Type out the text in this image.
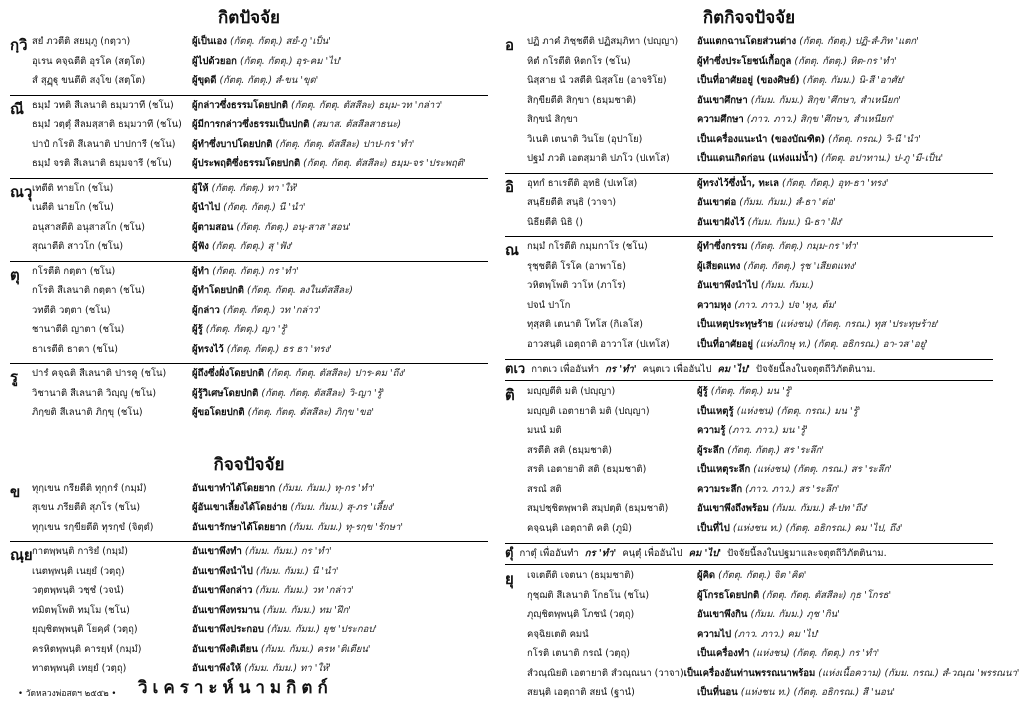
กิตปัจจัย
กฺวิ สยํ ภวตีติ สยมฺภู (กตฺวา)	ผู้เป็นเอง (กัตตุ. กัตตุ.) สยํ-ภู 'เป็น'
อุเรน คจฺฉตีติ อุรโค (สตฺโต)	ผู้ไปด้วยอก (กัตตุ. กัตตุ.) อุร-คม 'ไป'
สํ สุฏฺฐุ ขนตีติ สงฺโข (สตฺโต)	ผู้ขุดดี (กัตตุ. กัตตุ.) สํ-ขน 'ขุด'
ณี ธมฺมํ วทติ สีเลนาติ ธมฺมวาที (ชโน)	ผู้กล่าวซึ่งธรรมโดยปกติ (กัตตุ. กัตตุ. ตัสสีละ) ธมฺม-วท 'กล่าว'
ธมฺมํ วตฺตุํ สีลมสฺสาติ ธมฺมวาที (ชโน)	ผู้มีการกล่าวซึ่งธรรมเป็นปกติ (สมาส. ตัสสีลสาธนะ)
ปาปํ กโรติ สีเลนาติ ปาปการี (ชโน)	ผู้ทำซึ่งบาปโดยปกติ (กัตตุ. กัตตุ. ตัสสีละ) ปาป-กร 'ทำ'
ธมฺมํ จรติ สีเลนาติ ธมฺมจารี (ชโน)	ผู้ประพฤติซึ่งธรรมโดยปกติ (กัตตุ. กัตตุ. ตัสสีละ) ธมฺม-จร 'ประพฤติ'
ณวุ เทตีติ ทายโก (ชโน)	ผู้ให้ (กัตตุ. กัตตุ.) ทา 'ให้'
เนตีติ นายโก (ชโน)	ผู้นำไป (กัตตุ. กัตตุ.) นี 'นำ'
อนุสาสตีติ อนุสาสโก (ชโน)	ผู้ตามสอน (กัตตุ. กัตตุ.) อนุ-สาส 'สอน'
สุณาตีติ สาวโก (ชโน)	ผู้ฟัง (กัตตุ. กัตตุ.) สุ 'ฟัง'
ตุ	กโรตีติ กตฺตา (ชโน)	ผู้ทำ (กัตตุ. กัตตุ.) กร 'ทำ'
กโรติ สีเลนาติ กตฺตา (ชโน)	ผู้ทำโดยปกติ (กัตตุ. กัตตุ. ลงในตัสสีละ)
วทตีติ วตฺตา (ชโน)	ผู้กล่าว (กัตตุ. กัตตุ.) วท 'กล่าว'
ชานาตีติ ญาตา (ชโน)	ผู้รู้ (กัตตุ. กัตตุ.) ญา 'รู้'
ธาเรตีติ ธาตา (ชโน)	ผู้ทรงไว้ (กัตตุ. กัตตุ.) ธร ธา 'ทรง'
รู	ปารํ คจฺฉติ สีเลนาติ ปารคู (ชโน)	ผู้ถึงซึ่งฝั่งโดยปกติ (กัตตุ. กัตตุ. ตัสสีละ) ปาร-คม 'ถึง'
วิชานาติ สีเลนาติ วิญฺญู (ชโน)	ผู้รู้วิเศษโดยปกติ (กัตตุ. กัตตุ. ตัสสีละ) วิ-ญา 'รู้'
ภิกฺขติ สีเลนาติ ภิกฺขุ (ชโน)	ผู้ขอโดยปกติ (กัตตุ. กัตตุ. ตัสสีละ) ภิกฺข 'ขอ'
กิจจปัจจัย
ข	ทุกฺเขน กรียตีติ ทุกฺกรํ (กมฺมํ)	อันเขาทำได้โดยยาก (กัมม. กัมม.) ทุ-กร 'ทำ'
สุเขน ภรียตีติ สุภโร (ชโน)	ผู้อันเขาเลี้ยงได้โดยง่าย (กัมม. กัมม.) สุ-ภร 'เลี้ยง'
ทุกฺเขน รกฺขียตีติ ทุรกฺขํ (จิตฺตํ)	อันเขารักษาได้โดยยาก (กัมม. กัมม.) ทุ-รกฺข 'รักษา'
ณฺย กาตพฺพนฺติ การิยํ (กมฺมํ)	อันเขาพึงทำ (กัมม. กัมม.) กร 'ทำ'
เนตพฺพนฺติ เนยฺยํ (วตฺถุ)	อันเขาพึงนำไป (กัมม. กัมม.) นี 'นำ'
วตฺตพฺพนฺติ วชฺชํ (วจนํ)	อันเขาพึงกล่าว (กัมม. กัมม.) วท 'กล่าว'
ทมิตพฺโพติ ทมฺโม (ชโน)	อันเขาพึงทรมาน (กัมม. กัมม.) ทม 'ฝึก'
ยุญฺชิตพฺพนฺติ โยคฺคํ (วตฺถุ)	อันเขาพึงประกอบ (กัมม. กัมม.) ยุช 'ประกอบ'
ครหิตพฺพนฺติ คารยฺหํ (กมฺมํ)	อันเขาพึงติเตียน (กัมม. กัมม.) ครห 'ติเตียน'
ทาตพฺพนฺติ เทยฺยํ (วตฺถุ)	อันเขาพึงให้ (กัมม. กัมม.) ทา 'ให้'
กิตกิจจปัจจัย
อ	ปฏิ ภาคํ ภิชฺชตีติ ปฏิสมฺภิทา (ปญฺญา)	อันแตกฉานโดยส่วนต่าง (กัตตุ. กัตตุ.) ปฏิ-สํ-ภิท 'แตก'
หิตํ กโรตีติ หิตกโร (ชโน)	ผู้ทำซึ่งประโยชน์เกื้อกูล (กัตตุ. กัตตุ.) หิต-กร 'ทำ'
นิสฺสาย นํ วสตีติ นิสฺสโย (อาจริโย)	เป็นที่อาศัยอยู่ (ของศิษย์) (กัตตุ. กัมม.) นิ-สี 'อาศัย'
สิกฺขียตีติ สิกฺขา (ธมฺมชาติ)	อันเขาศึกษา (กัมม. กัมม.) สิกฺข 'ศึกษา, สำเหนียก'
สิกฺขนํ สิกฺขา	ความศึกษา (ภาว. ภาว.) สิกฺข 'ศึกษา, สำเหนียก'
วิเนติ เตนาติ วินโย (อุปาโย)	เป็นเครื่องแนะนำ (ของบัณฑิต) (กัตตุ. กรณ.) วิ-นี 'นำ'
ปฐมํ ภวติ เอตสฺมาติ ปภโว (ปเทโส)	เป็นแดนเกิดก่อน (แห่งแม่น้ำ) (กัตตุ. อปาทาน.) ป-ภู 'มี-เป็น'
อิ	อุทกํ ธาเรตีติ อุทธิ (ปเทโส)	ผู้ทรงไว้ซึ่งน้ำ, ทะเล (กัตตุ. กัตตุ.) อุท-ธา 'ทรง'
สนฺธียตีติ สนฺธิ (วาจา)	อันเขาต่อ (กัมม. กัมม.) สํ-ธา 'ต่อ'
นิธียตีติ นิธิ ()	อันเขาฝังไว้ (กัมม. กัมม.) นิ-ธา 'ฝัง'
ณ กมฺมํ กโรตีติ กมฺมกาโร (ชโน)	ผู้ทำซึ่งกรรม (กัตตุ. กัตตุ.) กมฺม-กร 'ทำ'
รุชฺชตีติ โรโค (อาพาโธ)	ผู้เสียดแทง (กัตตุ. กัตตุ.) รุช 'เสียดแทง'
วหิตพฺโพติ วาโห (ภาโร)	อันเขาพึงนำไป (กัมม. กัมม.)
ปจนํ ปาโก	ความหุง (ภาว. ภาว.) ปจ 'หุง, ต้ม'
ทุสฺสติ เตนาติ โทโส (กิเลโส)	เป็นเหตุประทุษร้าย (แห่งชน) (กัตตุ. กรณ.) ทุส 'ประทุษร้าย'
อาวสนฺติ เอตฺถาติ อาวาโส (ปเทโส)	เป็นที่อาศัยอยู่ (แห่งภิกษุ ท.) (กัตตุ. อธิกรณ.) อา-วส 'อยู่'
ตเว กาตเว เพื่ออันทำ กร 'ทำ' คนฺตเว เพื่ออันไป คม 'ไป' ปัจจัยนี้ลงในจตุตถีวิภัตตินาม.
ติ	มญฺญตีติ มติ (ปญฺญา)	ผู้รู้ (กัตตุ. กัตตุ.) มน 'รู้'
มญฺญติ เอตายาติ มติ (ปญฺญา)	เป็นเหตุรู้ (แห่งชน) (กัตตุ. กรณ.) มน 'รู้'
มนนํ มติ	ความรู้ (ภาว. ภาว.) มน 'รู้'
สรตีติ สติ (ธมฺมชาติ)	ผู้ระลึก (กัตตุ. กัตตุ.) สร 'ระลึก'
สรติ เอตายาติ สติ (ธมฺมชาติ)	เป็นเหตุระลึก (แห่งชน) (กัตตุ. กรณ.) สร 'ระลึก'
สรณํ สติ	ความระลึก (ภาว. ภาว.) สร 'ระลึก'
สมฺปชฺชิตพฺพาติ สมฺปตฺติ (ธมฺมชาติ)	อันเขาพึงถึงพร้อม (กัมม. กัมม.) สํ-ปท 'ถึง'
คจฺฉนฺติ เอตฺถาติ คติ (ภูมิ)	เป็นที่ไป (แห่งชน ท.) (กัตตุ. อธิกรณ.) คม 'ไป, ถึง'
ตุํ กาตุํ เพื่ออันทำ กร 'ทำ' คนฺตุํ เพื่ออันไป คม 'ไป' ปัจจัยนี้ลงในปฐมาและจตุตถีวิภัตตินาม.
ยุ	เจเตตีติ เจตนา (ธมฺมชาติ)	ผู้คิด (กัตตุ. กัตตุ.) จิต 'คิด'
กุชฺฌติ สีเลนาติ โกธโน (ชโน)	ผู้โกรธโดยปกติ (กัตตุ. กัตตุ. ตัสสีละ) กุธ 'โกรธ'
ภุญฺชิตพฺพนฺติ โภชนํ (วตฺถุ)	อันเขาพึงกิน (กัมม. กัมม.) ภุช 'กิน'
คจฺฉิยเตติ คมนํ	ความไป (ภาว. ภาว.) คม 'ไป'
กโรติ เตนาติ กรณํ (วตฺถุ)	เป็นเครื่องทำ (แห่งชน) (กัตตุ. กัตตุ.) กร 'ทำ'
สํวณฺณิยติ เอตายาติ สํวณฺณนา (วาจา) เป็นเครื่องอันท่านพรรณนาพร้อม (แห่งเนื้อความ) (กัมม. กรณ.) สํ-วณฺณ 'พรรณนา'
สยนฺติ เอตฺถาติ สยนํ (ฐานํ)	เป็นที่นอน (แห่งชน ท.) (กัตตุ. อธิกรณ.) สี 'นอน'
• วัดหลวงพ่อสดฯ ๒๕๕๒ • วิเคราะห์นามกิตก์
